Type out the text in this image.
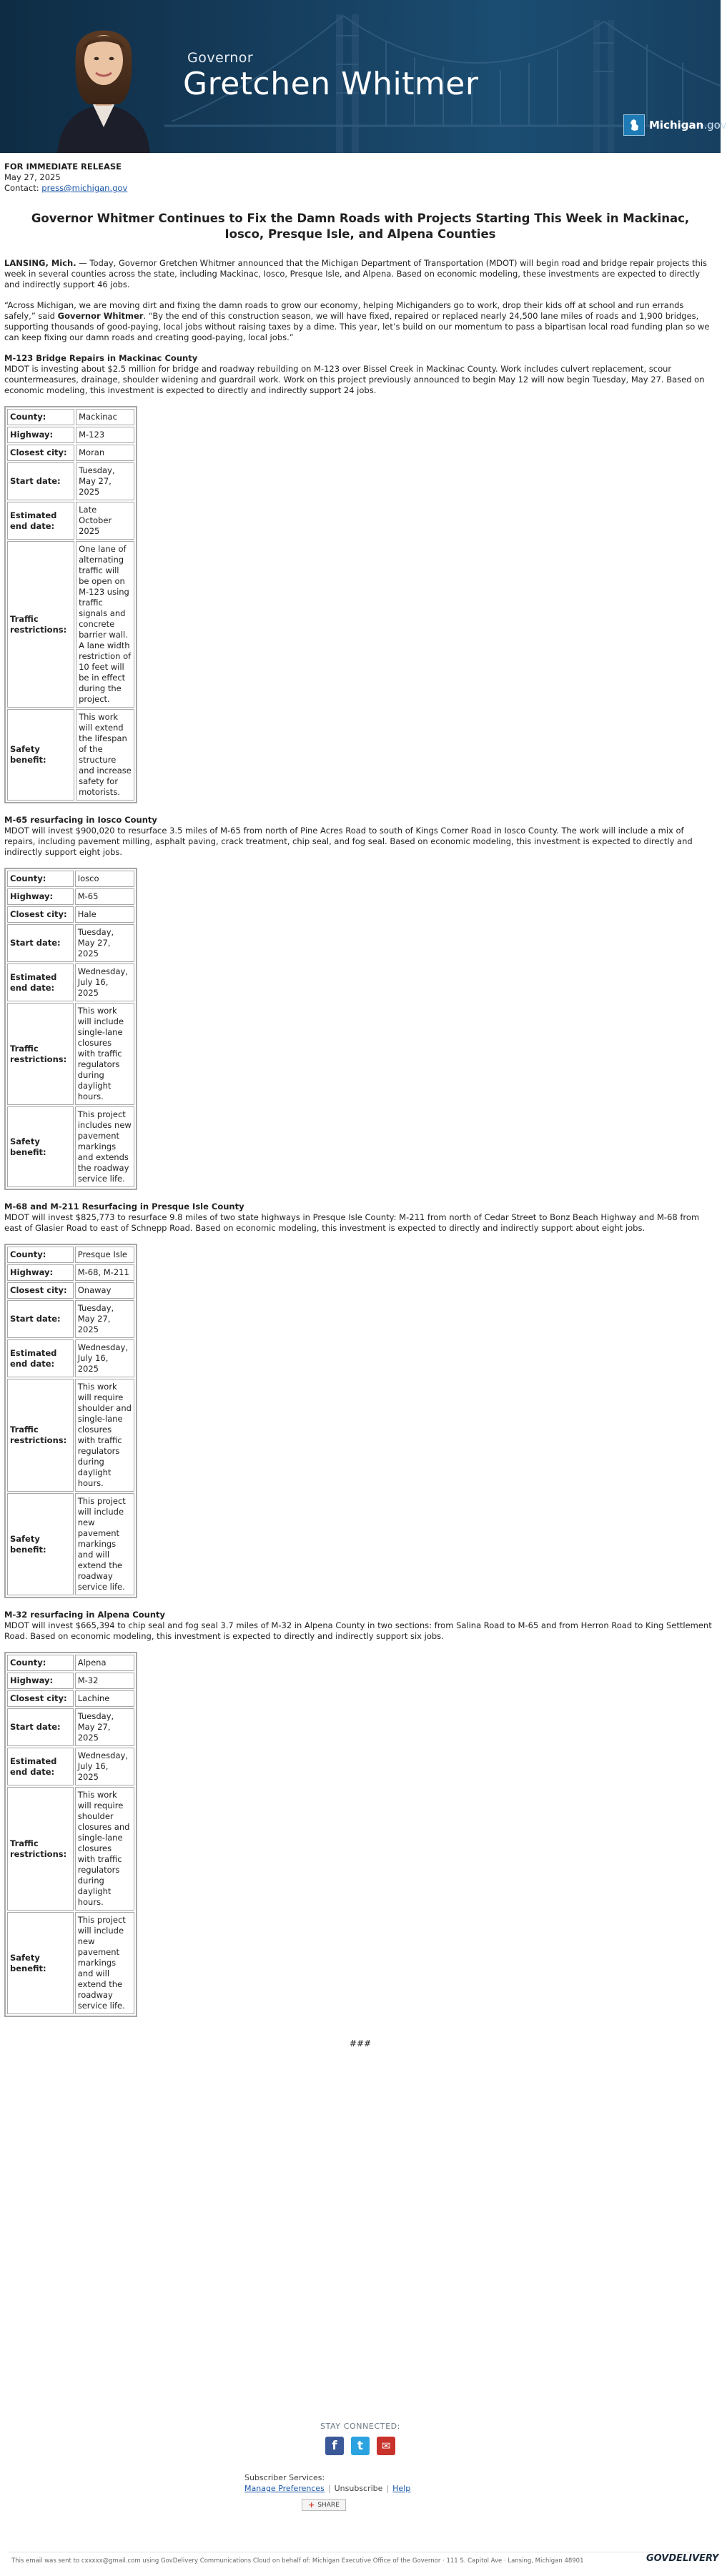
Governor
Gretchen Whitmer
Michigan.gov
FOR IMMEDIATE RELEASE
May 27, 2025
Contact: press@michigan.gov
Governor Whitmer Continues to Fix the Damn Roads with Projects Starting This Week in Mackinac, Iosco, Presque Isle, and Alpena Counties

LANSING, Mich. — Today, Governor Gretchen Whitmer announced that the Michigan Department of Transportation (MDOT) will begin road and bridge repair projects this week in several counties across the state, including Mackinac, Iosco, Presque Isle, and Alpena. Based on economic modeling, these investments are expected to directly and indirectly support 46 jobs.

“Across Michigan, we are moving dirt and fixing the damn roads to grow our economy, helping Michiganders go to work, drop their kids off at school and run errands safely,” said Governor Whitmer. “By the end of this construction season, we will have fixed, repaired or replaced nearly 24,500 lane miles of roads and 1,900 bridges, supporting thousands of good-paying, local jobs without raising taxes by a dime. This year, let’s build on our momentum to pass a bipartisan local road funding plan so we can keep fixing our damn roads and creating good-paying, local jobs.”

M-123 Bridge Repairs in Mackinac County
MDOT is investing about $2.5 million for bridge and roadway rebuilding on M-123 over Bissel Creek in Mackinac County. Work includes culvert replacement, scour countermeasures, drainage, shoulder widening and guardrail work. Work on this project previously announced to begin May 12 will now begin Tuesday, May 27. Based on economic modeling, this investment is expected to directly and indirectly support 24 jobs.
County:	Mackinac
Highway:	M-123
Closest city:	Moran
Start date:	Tuesday, May 27, 2025
Estimated end date:	Late October 2025
Traffic restrictions:	One lane of alternating traffic will be open on M-123 using traffic signals and concrete barrier wall. A lane width restriction of 10 feet will be in effect during the project.
Safety benefit:	This work will extend the lifespan of the structure and increase safety for motorists.
M-65 resurfacing in Iosco County
MDOT will invest $900,020 to resurface 3.5 miles of M-65 from north of Pine Acres Road to south of Kings Corner Road in Iosco County. The work will include a mix of repairs, including pavement milling, asphalt paving, crack treatment, chip seal, and fog seal. Based on economic modeling, this investment is expected to directly and indirectly support eight jobs.
County:	Iosco
Highway:	M-65
Closest city:	Hale
Start date:	Tuesday, May 27, 2025
Estimated end date:	Wednesday, July 16, 2025
Traffic restrictions:	This work will include single-lane closures with traffic regulators during daylight hours.
Safety benefit:	This project includes new pavement markings and extends the roadway service life.
M-68 and M-211 Resurfacing in Presque Isle County
MDOT will invest $825,773 to resurface 9.8 miles of two state highways in Presque Isle County: M-211 from north of Cedar Street to Bonz Beach Highway and M-68 from east of Glasier Road to east of Schnepp Road. Based on economic modeling, this investment is expected to directly and indirectly support about eight jobs.
County:	Presque Isle
Highway:	M-68, M-211
Closest city:	Onaway
Start date:	Tuesday, May 27, 2025
Estimated end date:	Wednesday, July 16, 2025
Traffic restrictions:	This work will require shoulder and single-lane closures with traffic regulators during daylight hours.
Safety benefit:	This project will include new pavement markings and will extend the roadway service life.
M-32 resurfacing in Alpena County
MDOT will invest $665,394 to chip seal and fog seal 3.7 miles of M-32 in Alpena County in two sections: from Salina Road to M-65 and from Herron Road to King Settlement Road. Based on economic modeling, this investment is expected to directly and indirectly support six jobs.
County:	Alpena
Highway:	M-32
Closest city:	Lachine
Start date:	Tuesday, May 27, 2025
Estimated end date:	Wednesday, July 16, 2025
Traffic restrictions:	This work will require shoulder closures and single-lane closures with traffic regulators during daylight hours.
Safety benefit:	This project will include new pavement markings and will extend the roadway service life.
###
STAY CONNECTED:
f	t	✉
Subscriber Services:
Manage Preferences | Unsubscribe | Help
+ SHARE
This email was sent to cxxxxx@gmail.com using GovDelivery Communications Cloud on behalf of: Michigan Executive Office of the Governor · 111 S. Capitol Ave · Lansing, Michigan 48901	GOVDELIVERY
